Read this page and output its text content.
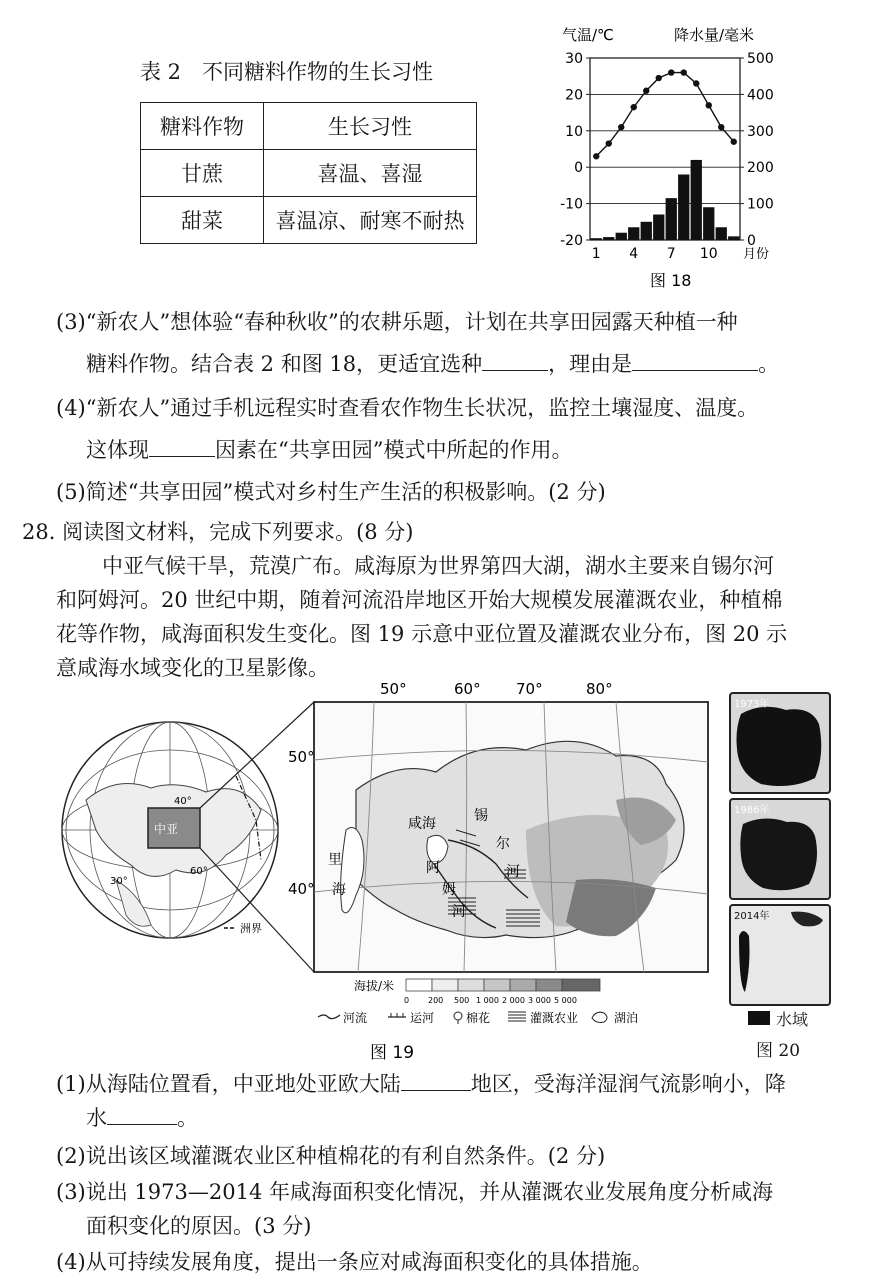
表 2　不同糖料作物的生长习性
糖料作物	生长习性
甘蔗	喜温、喜湿
甜菜	喜温凉、耐寒不耐热
气温/℃	降水量/毫米
30
20
10
0
-10
-20
500
400
300
200
100
0
1 4 7 10 月份
图 18
(3)“新农人”想体验“春种秋收”的农耕乐题，计划在共享田园露天种植一种
糖料作物。结合表 2 和图 18，更适宜选种	，理由是	。
(4)“新农人”通过手机远程实时查看农作物生长状况，监控土壤湿度、温度。
这体现	因素在“共享田园”模式中所起的作用。
(5)简述“共享田园”模式对乡村生产生活的积极影响。(2 分)
28. 阅读图文材料，完成下列要求。(8 分)
中亚气候干旱，荒漠广布。咸海原为世界第四大湖，湖水主要来自锡尔河
和阿姆河。20 世纪中期，随着河流沿岸地区开始大规模发展灌溉农业，种植棉
花等作物，咸海面积发生变化。图 19 示意中亚位置及灌溉农业分布，图 20 示
意咸海水域变化的卫星影像。
中亚
40°
30°
60°
洲界
50°	60° 70°	80°
50°
40°
咸海	锡
尔
河
阿
姆
河
里
海
海拔/米
0 200 500 1 000 2 000 3 000 5 000
河流	运河	棉花	灌溉农业	湖泊
图 19
1973年
1986年
2014年
水域
图 20
(1)从海陆位置看，中亚地处亚欧大陆	地区，受海洋湿润气流影响小，降
水	。
(2)说出该区域灌溉农业区种植棉花的有利自然条件。(2 分)
(3)说出 1973—2014 年咸海面积变化情况，并从灌溉农业发展角度分析咸海
面积变化的原因。(3 分)
(4)从可持续发展角度，提出一条应对咸海面积变化的具体措施。
